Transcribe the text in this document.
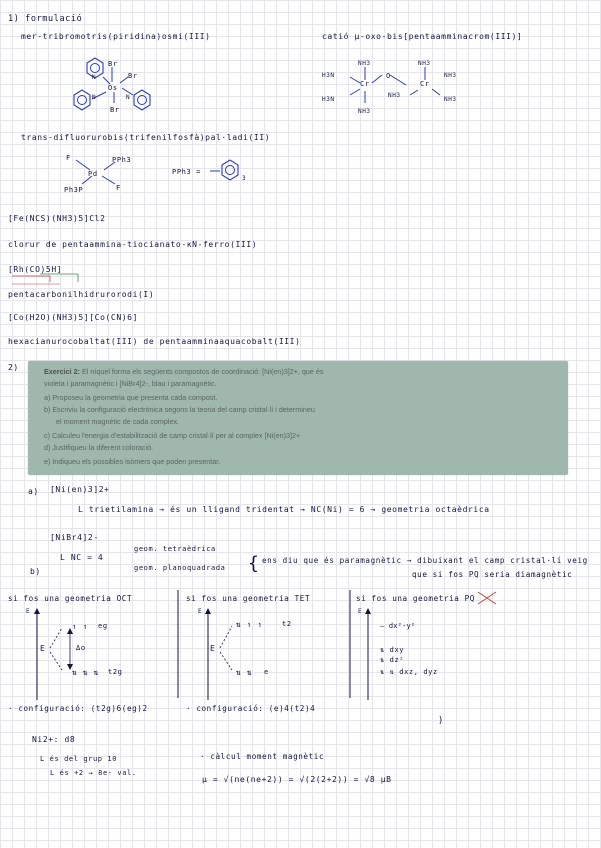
1) formulació
mer-tribromotris(piridina)osmi(III)	catió μ-oxo-bis[pentaamminacrom(III)]
Br
Br
Os
Br
N
N	N
NH3	NH3
H3N	O
Cr	Cr
NH3
H3N
NH3
NH3
NH3
trans-difluorurobis(trifenilfosfà)pal·ladi(II)
3
F	PPh3
Pd
Ph3P	F
PPh3 =
[Fe(NCS)(NH3)5]Cl2
clorur de pentaammina-tiocianato-κN-ferro(III)
[Rh(CO)5H]
pentacarbonilhidrurorodi(I)
[Co(H2O)(NH3)5][Co(CN)6]
hexacianurocobaltat(III) de pentaamminaaquacobalt(III)
2)	Exercici 2: El níquel forma els següents compostos de coordinació: [Ni(en)3]2+, que és
violeta i paramagnètic i [NiBr4]2-, blau i paramagnètic.
a) Proposeu la geometria que presenta cada compost.
b) Escriviu la configuració electrònica segons la teoria del camp cristal·lí i determineu
el moment magnètic de cada complex.
c) Calculeu l'energia d'estabilització de camp cristal·lí per al complex [Ni(en)3]2+
d) Justifiqueu la diferent coloració.
e) Indiqueu els possibles isòmers que poden presentar.
a) [Ni(en)3]2+
L trietilamina → és un lligand tridentat → NC(Ni) = 6 → geometria octaèdrica
[NiBr4]2-
L NC = 4
geom. tetraèdrica
geom. planoquadrada
b)	{ ens diu que és paramagnètic → dibuixant el camp cristal·lí veig
que si fos PQ seria diamagnètic
si fos una geometria OCT	si fos una geometria TET	si fos una geometria PQ
E
E
↿ ↿ eg
Δo
⇅ ⇅ ⇅ t2g
E
E
⇅ ↿ ↿	t2
⇅ ⇅ e
E
— dx²-y²
⇅ dxy
⇅ dz²
⇅ ⇅ dxz, dyz
· configuració: (t2g)6(eg)2	· configuració: (e)4(t2)4
)
Ni2+: d8
L és del grup 10
L és +2 → 8e- val.
· càlcul moment magnètic
μ = √(ne(ne+2)) = √(2(2+2)) = √8 μB
